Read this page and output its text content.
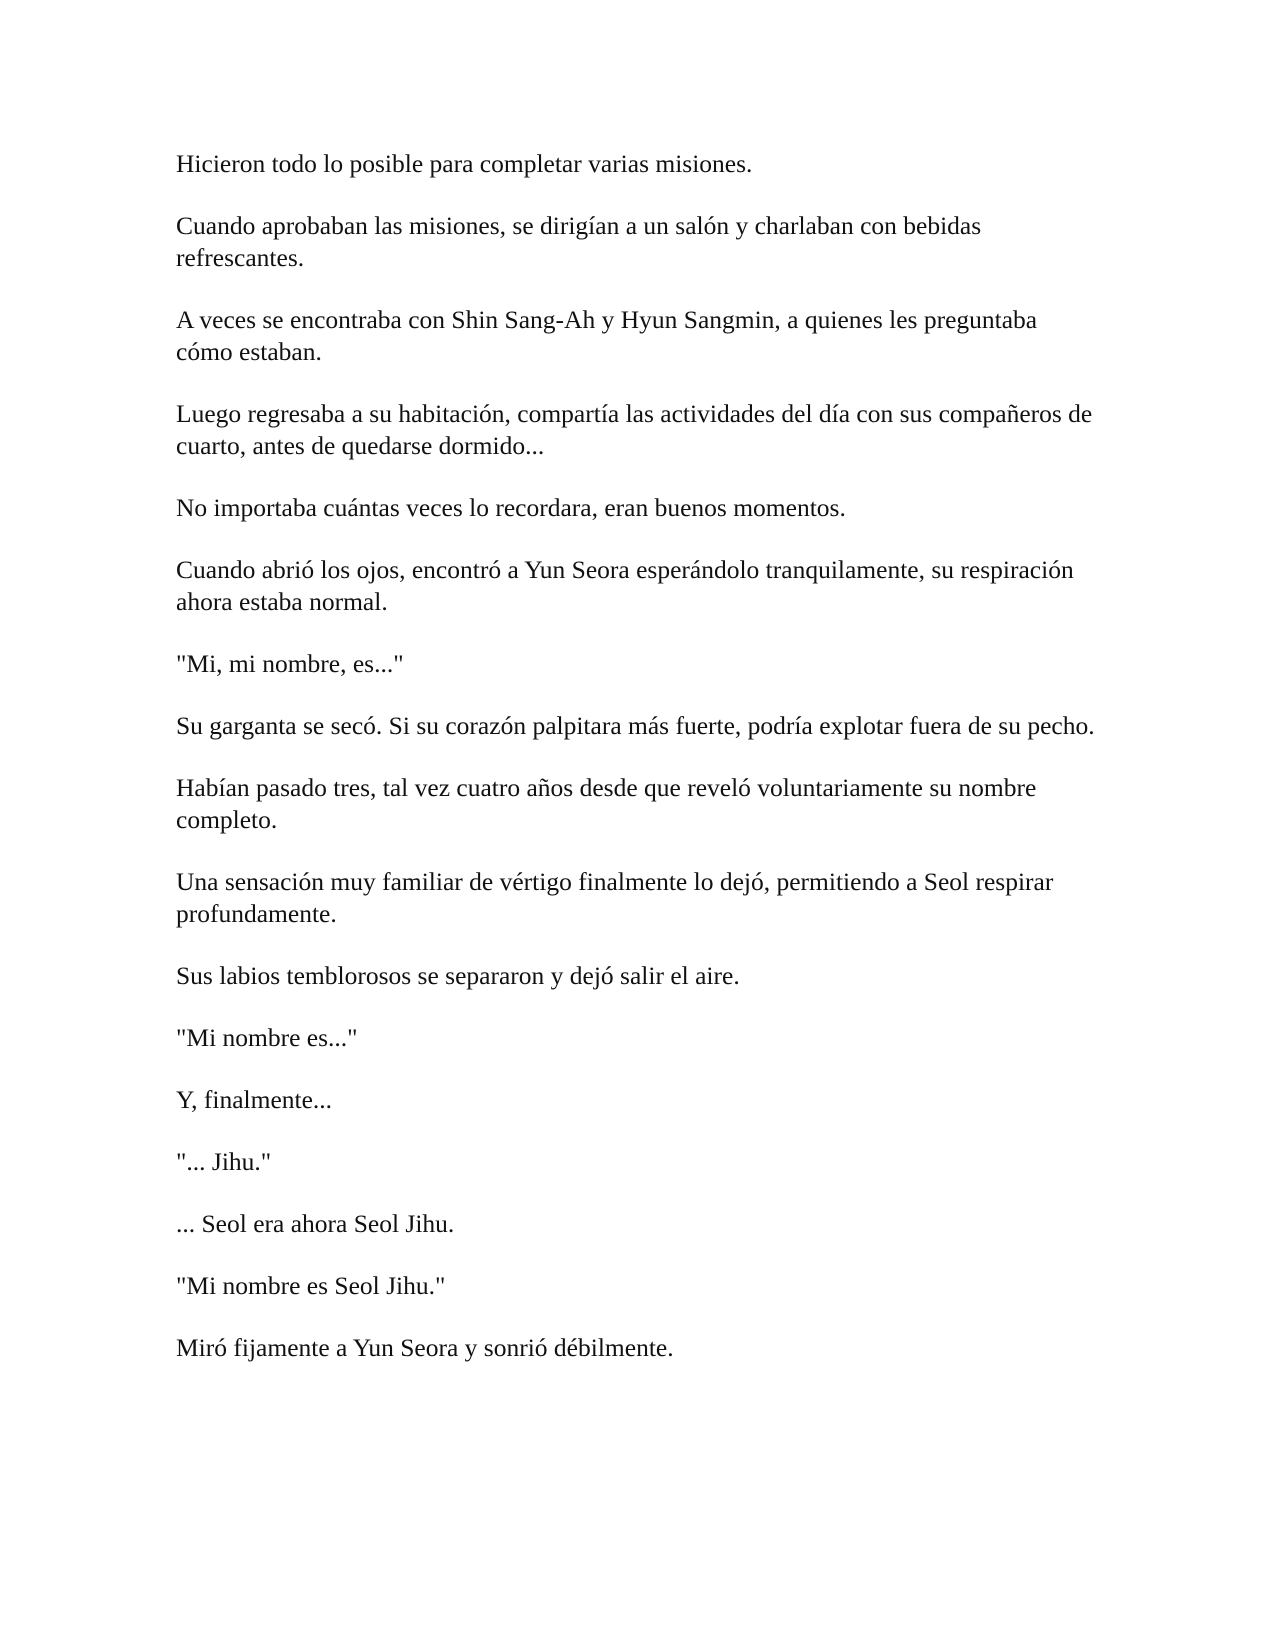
Hicieron todo lo posible para completar varias misiones.

Cuando aprobaban las misiones, se dirigían a un salón y charlaban con bebidas refrescantes.

A veces se encontraba con Shin Sang-Ah y Hyun Sangmin, a quienes les preguntaba cómo estaban.

Luego regresaba a su habitación, compartía las actividades del día con sus compañeros de cuarto, antes de quedarse dormido...

No importaba cuántas veces lo recordara, eran buenos momentos.

Cuando abrió los ojos, encontró a Yun Seora esperándolo tranquilamente, su respiración ahora estaba normal.

"Mi, mi nombre, es..."

Su garganta se secó. Si su corazón palpitara más fuerte, podría explotar fuera de su pecho.

Habían pasado tres, tal vez cuatro años desde que reveló voluntariamente su nombre completo.

Una sensación muy familiar de vértigo finalmente lo dejó, permitiendo a Seol respirar profundamente.

Sus labios temblorosos se separaron y dejó salir el aire.

"Mi nombre es..."

Y, finalmente...

"... Jihu."

... Seol era ahora Seol Jihu.

"Mi nombre es Seol Jihu."

Miró fijamente a Yun Seora y sonrió débilmente.
